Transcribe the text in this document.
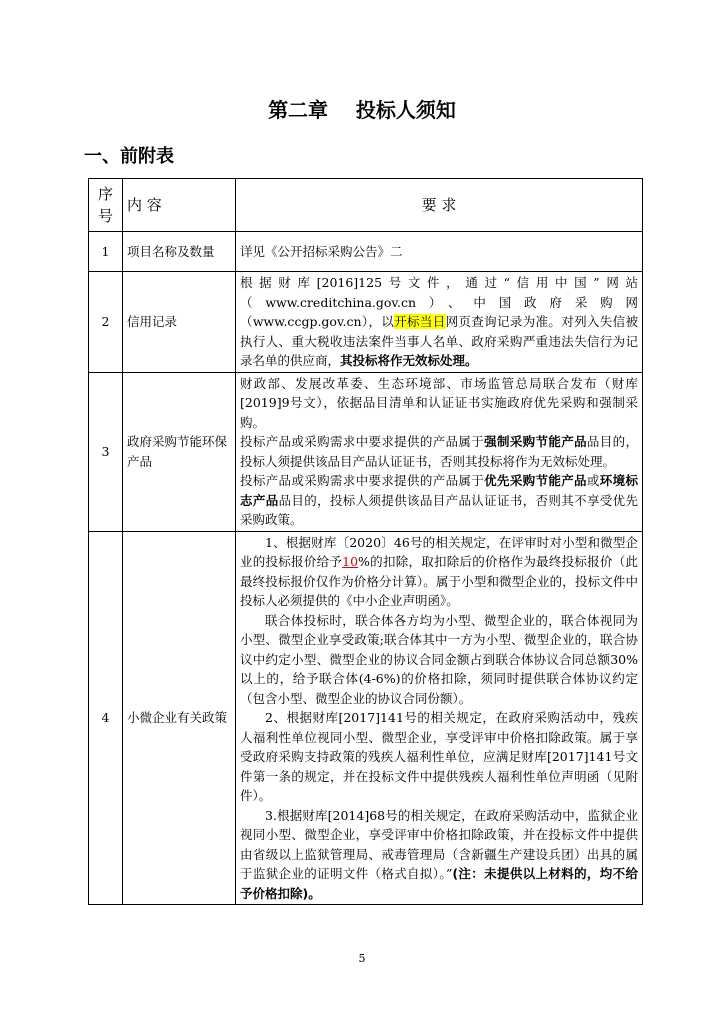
第二章    投标人须知
一、前附表
序号	内 容	要 求
1	项目名称及数量	详见《公开招标采购公告》二
2	信用记录	根据财库[2016]125号文件，通过“信用中国”网站（www.creditchina.gov.cn）、中国政府采购网（www.ccgp.gov.cn），以开标当日网页查询记录为准。对列入失信被执行人、重大税收违法案件当事人名单、政府采购严重违法失信行为记录名单的供应商，其投标将作无效标处理。
3	政府采购节能环保产品	财政部、发展改革委、生态环境部、市场监管总局联合发布（财库[2019]9号文），依据品目清单和认证证书实施政府优先采购和强制采购。
投标产品或采购需求中要求提供的产品属于强制采购节能产品品目的，投标人须提供该品目产品认证证书，否则其投标将作为无效标处理。
投标产品或采购需求中要求提供的产品属于优先采购节能产品或环境标志产品品目的，投标人须提供该品目产品认证证书，否则其不享受优先采购政策。

4	小微企业有关政策	1、根据财库〔2020〕46号的相关规定，在评审时对小型和微型企业的投标报价给予10%的扣除，取扣除后的价格作为最终投标报价（此最终投标报价仅作为价格分计算）。属于小型和微型企业的，投标文件中投标人必须提供的《中小企业声明函》。

联合体投标时，联合体各方均为小型、微型企业的，联合体视同为小型、微型企业享受政策;联合体其中一方为小型、微型企业的，联合协议中约定小型、微型企业的协议合同金额占到联合体协议合同总额30%以上的，给予联合体(4-6%)的价格扣除，须同时提供联合体协议约定（包含小型、微型企业的协议合同份额）。

2、根据财库[2017]141号的相关规定，在政府采购活动中，残疾人福利性单位视同小型、微型企业，享受评审中价格扣除政策。属于享受政府采购支持政策的残疾人福利性单位，应满足财库[2017]141号文件第一条的规定，并在投标文件中提供残疾人福利性单位声明函（见附件）。

3.根据财库[2014]68号的相关规定，在政府采购活动中，监狱企业视同小型、微型企业，享受评审中价格扣除政策，并在投标文件中提供由省级以上监狱管理局、戒毒管理局（含新疆生产建设兵团）出具的属于监狱企业的证明文件（格式自拟）。”(注：未提供以上材料的，均不给予价格扣除)。

5
